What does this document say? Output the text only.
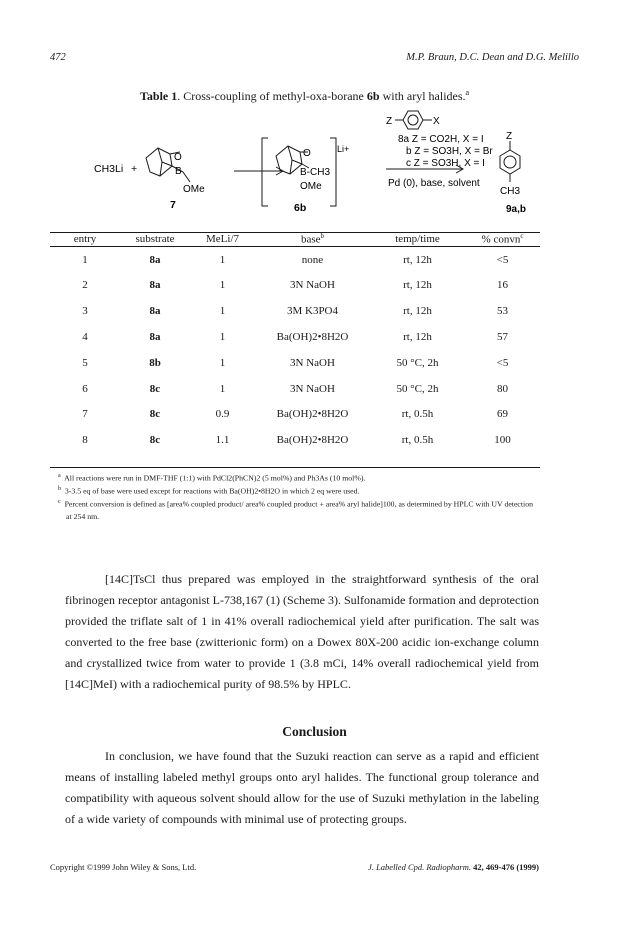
472	M.P. Braun, D.C. Dean and D.G. Melillo
Table 1. Cross-coupling of methyl-oxa-borane 6b with aryl halides.$^a$
CH3Li +
O
B
OMe
7
O
B-CH3
OMe
Li+
6b
Z	X
8a Z = CO2H, X = I
b Z = SO3H, X = Br
c Z = SO3H, X = I
Pd (0), base, solvent
Z
CH3
9a,b
entry	substrate	MeLi/7	base$^b$	temp/time	% convn$^c$
1	8a	1	none	rt, 12h	<5
2	8a	1	3N NaOH	rt, 12h	16
3	8a	1	3M K3PO4	rt, 12h	53
4	8a	1	Ba(OH)2•8H2O	rt, 12h	57
5	8b	1	3N NaOH	50 °C, 2h	<5
6	8c	1	3N NaOH	50 °C, 2h	80
7	8c	0.9	Ba(OH)2•8H2O	rt, 0.5h	69
8	8c	1.1	Ba(OH)2•8H2O	rt, 0.5h	100
$^a$ All reactions were run in DMF-THF (1:1) with PdCl2(PhCN)2 (5 mol%) and Ph3As (10 mol%).
$^b$ 3-3.5 eq of base were used except for reactions with Ba(OH)2•8H2O in which 2 eq were used.
$^c$ Percent conversion is defined as [area% coupled product/ area% coupled product + area% aryl halide]100, as determined by HPLC with UV detection at 254 nm.
[14C]TsCl thus prepared was employed in the straightforward synthesis of the oral fibrinogen receptor antagonist L-738,167 (1) (Scheme 3). Sulfonamide formation and deprotection provided the triflate salt of 1 in 41% overall radiochemical yield after purification. The salt was converted to the free base (zwitterionic form) on a Dowex 80X-200 acidic ion-exchange column and crystallized twice from water to provide 1 (3.8 mCi, 14% overall radiochemical yield from [14C]MeI) with a radiochemical purity of 98.5% by HPLC.
Conclusion
In conclusion, we have found that the Suzuki reaction can serve as a rapid and efficient means of installing labeled methyl groups onto aryl halides. The functional group tolerance and compatibility with aqueous solvent should allow for the use of Suzuki methylation in the labeling of a wide variety of compounds with minimal use of protecting groups.
Copyright ©1999 John Wiley & Sons, Ltd.	J. Labelled Cpd. Radiopharm. 42, 469-476 (1999)
